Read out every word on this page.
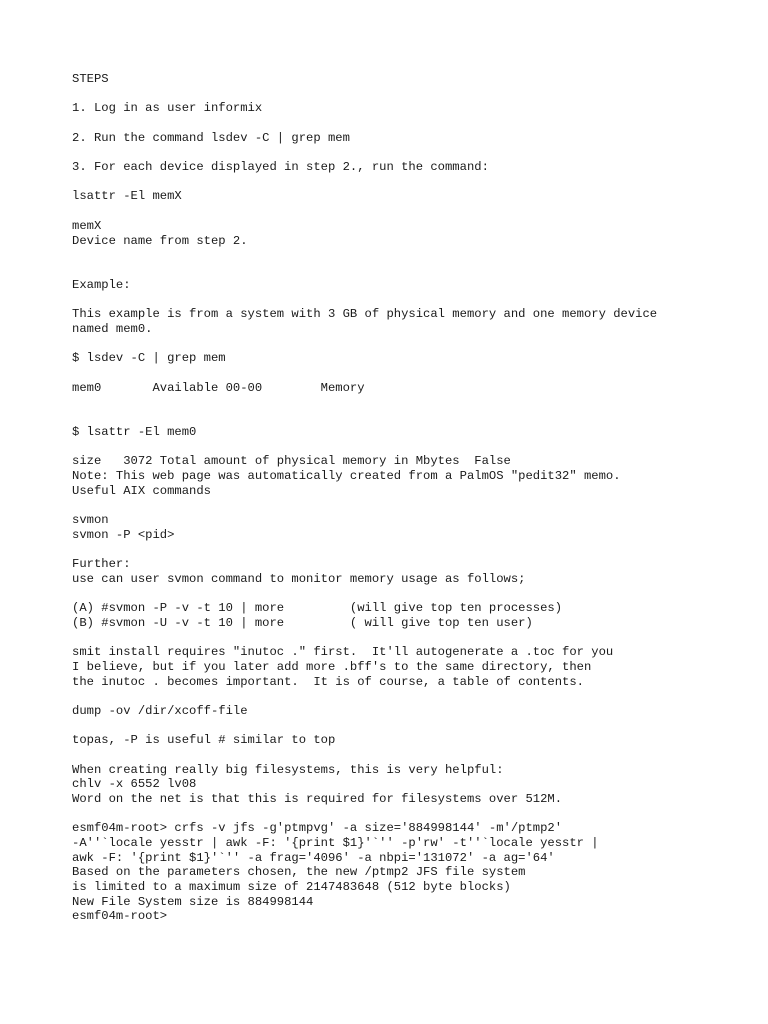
STEPS

1. Log in as user informix

2. Run the command lsdev -C | grep mem

3. For each device displayed in step 2., run the command:

lsattr -El memX

memX

Device name from step 2.

Example:

This example is from a system with 3 GB of physical memory and one memory device

named mem0.

$ lsdev -C | grep mem

mem0       Available 00-00        Memory

$ lsattr -El mem0

size   3072 Total amount of physical memory in Mbytes  False

Note: This web page was automatically created from a PalmOS "pedit32" memo.

Useful AIX commands

svmon

svmon -P <pid>

Further:

use can user svmon command to monitor memory usage as follows;

(A) #svmon -P -v -t 10 | more         (will give top ten processes)

(B) #svmon -U -v -t 10 | more         ( will give top ten user)

smit install requires "inutoc ." first.  It'll autogenerate a .toc for you

I believe, but if you later add more .bff's to the same directory, then

the inutoc . becomes important.  It is of course, a table of contents.

dump -ov /dir/xcoff-file

topas, -P is useful # similar to top

When creating really big filesystems, this is very helpful:

chlv -x 6552 lv08

Word on the net is that this is required for filesystems over 512M.

esmf04m-root> crfs -v jfs -g'ptmpvg' -a size='884998144' -m'/ptmp2'

-A''`locale yesstr | awk -F: '{print $1}'`'' -p'rw' -t''`locale yesstr |

awk -F: '{print $1}'`'' -a frag='4096' -a nbpi='131072' -a ag='64'

Based on the parameters chosen, the new /ptmp2 JFS file system

is limited to a maximum size of 2147483648 (512 byte blocks)

New File System size is 884998144

esmf04m-root>
